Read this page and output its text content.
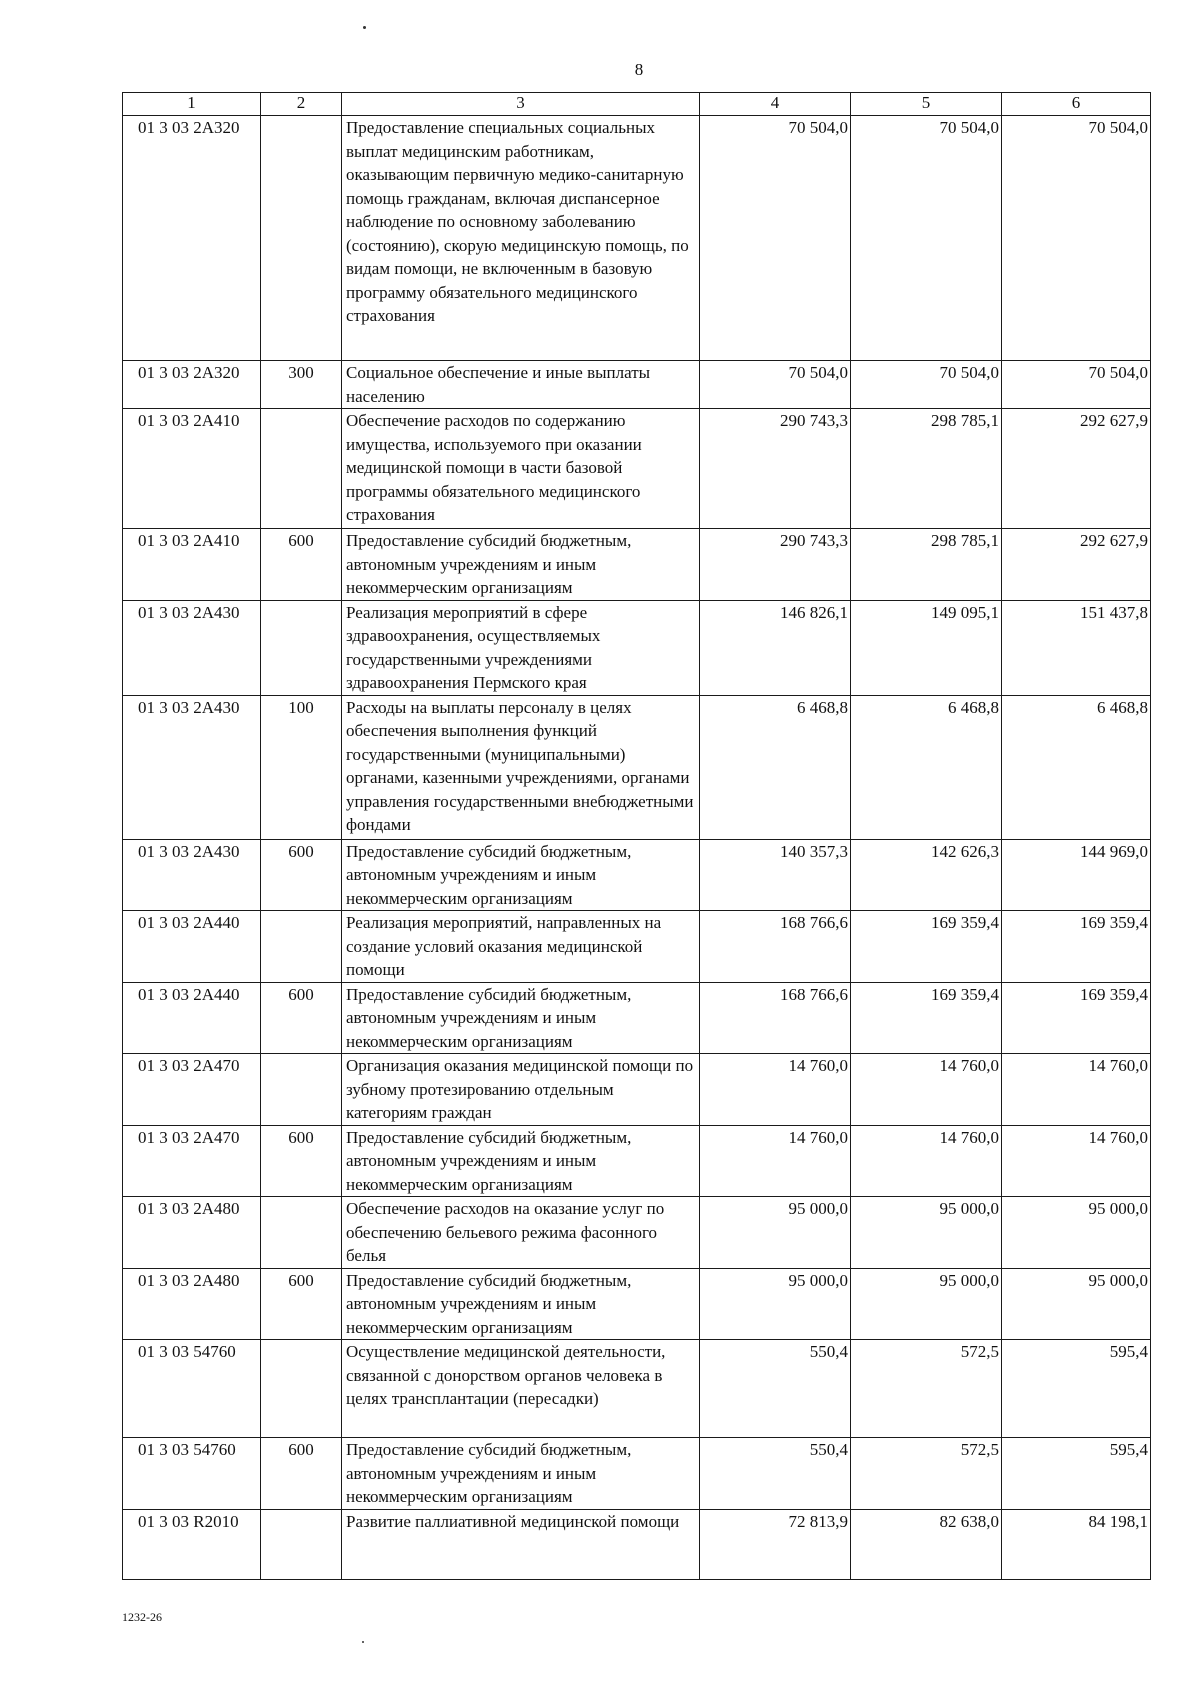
8
1	2	3	4	5	6
01 3 03 2А320		Предоставление специальных социальных выплат медицинским работникам, оказывающим первичную медико-санитарную помощь гражданам, включая диспансерное наблюдение по основному заболеванию (состоянию), скорую медицинскую помощь, по видам помощи, не включенным в базовую программу обязательного медицинского страхования	70 504,0	70 504,0	70 504,0
01 3 03 2А320	300	Социальное обеспечение и иные выплаты населению	70 504,0	70 504,0	70 504,0
01 3 03 2А410		Обеспечение расходов по содержанию имущества, используемого при оказании медицинской помощи в части базовой программы обязательного медицинского страхования	290 743,3	298 785,1	292 627,9
01 3 03 2А410	600	Предоставление субсидий бюджетным, автономным учреждениям и иным некоммерческим организациям	290 743,3	298 785,1	292 627,9
01 3 03 2А430		Реализация мероприятий в сфере здравоохранения, осуществляемых государственными учреждениями здравоохранения Пермского края	146 826,1	149 095,1	151 437,8
01 3 03 2А430	100	Расходы на выплаты персоналу в целях обеспечения выполнения функций государственными (муниципальными) органами, казенными учреждениями, органами управления государственными внебюджетными фондами	6 468,8	6 468,8	6 468,8
01 3 03 2А430	600	Предоставление субсидий бюджетным, автономным учреждениям и иным некоммерческим организациям	140 357,3	142 626,3	144 969,0
01 3 03 2А440		Реализация мероприятий, направленных на создание условий оказания медицинской помощи	168 766,6	169 359,4	169 359,4
01 3 03 2А440	600	Предоставление субсидий бюджетным, автономным учреждениям и иным некоммерческим организациям	168 766,6	169 359,4	169 359,4
01 3 03 2А470		Организация оказания медицинской помощи по зубному протезированию отдельным категориям граждан	14 760,0	14 760,0	14 760,0
01 3 03 2А470	600	Предоставление субсидий бюджетным, автономным учреждениям и иным некоммерческим организациям	14 760,0	14 760,0	14 760,0
01 3 03 2А480		Обеспечение расходов на оказание услуг по обеспечению бельевого режима фасонного белья	95 000,0	95 000,0	95 000,0
01 3 03 2А480	600	Предоставление субсидий бюджетным, автономным учреждениям и иным некоммерческим организациям	95 000,0	95 000,0	95 000,0
01 3 03 54760		Осуществление медицинской деятельности, связанной с донорством органов человека в целях трансплантации (пересадки)	550,4	572,5	595,4
01 3 03 54760	600	Предоставление субсидий бюджетным, автономным учреждениям и иным некоммерческим организациям	550,4	572,5	595,4
01 3 03 R2010		Развитие паллиативной медицинской помощи	72 813,9	82 638,0	84 198,1
1232-26
